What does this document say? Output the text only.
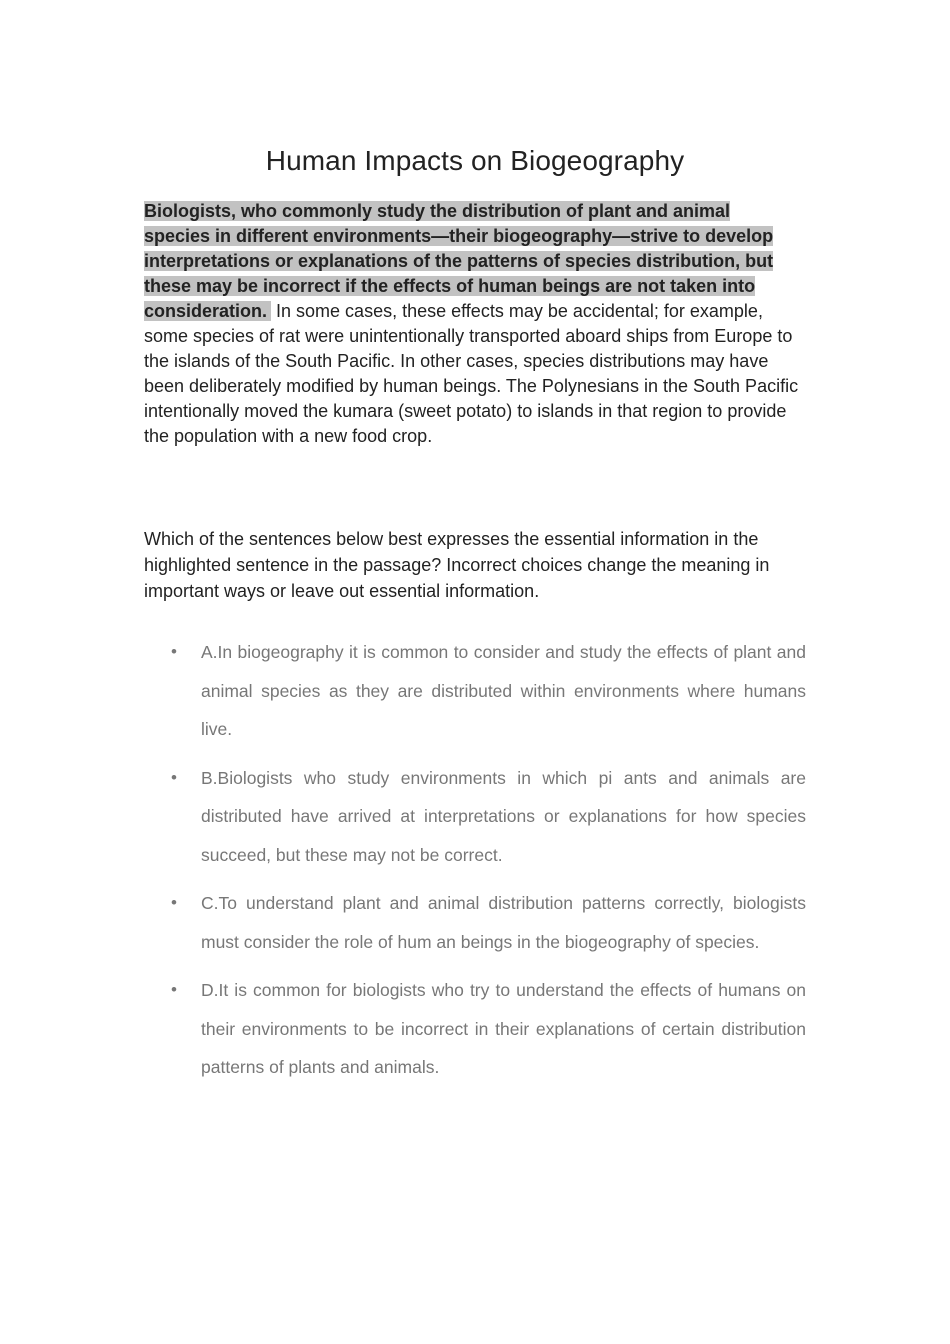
Human Impacts on Biogeography

Biologists, who commonly study the distribution of plant and animal species in different environments—their biogeography—strive to develop interpretations or explanations of the patterns of species distribution, but these may be incorrect if the effects of human beings are not taken into consideration. In some cases, these effects may be accidental; for example, some species of rat were unintentionally transported aboard ships from Europe to the islands of the South Pacific. In other cases, species distributions may have been deliberately modified by human beings. The Polynesians in the South Pacific intentionally moved the kumara (sweet potato) to islands in that region to provide the population with a new food crop.

Which of the sentences below best expresses the essential information in the highlighted sentence in the passage? Incorrect choices change the meaning in important ways or leave out essential information.

• A.In biogeography it is common to consider and study the effects of plant and animal species as they are distributed within environments where humans live.
• B.Biologists who study environments in which pi ants and animals are distributed have arrived at interpretations or explanations for how species succeed, but these may not be correct.
• C.To understand plant and animal distribution patterns correctly, biologists must consider the role of hum an beings in the biogeography of species.
• D.It is common for biologists who try to understand the effects of humans on their environments to be incorrect in their explanations of certain distribution patterns of plants and animals.
